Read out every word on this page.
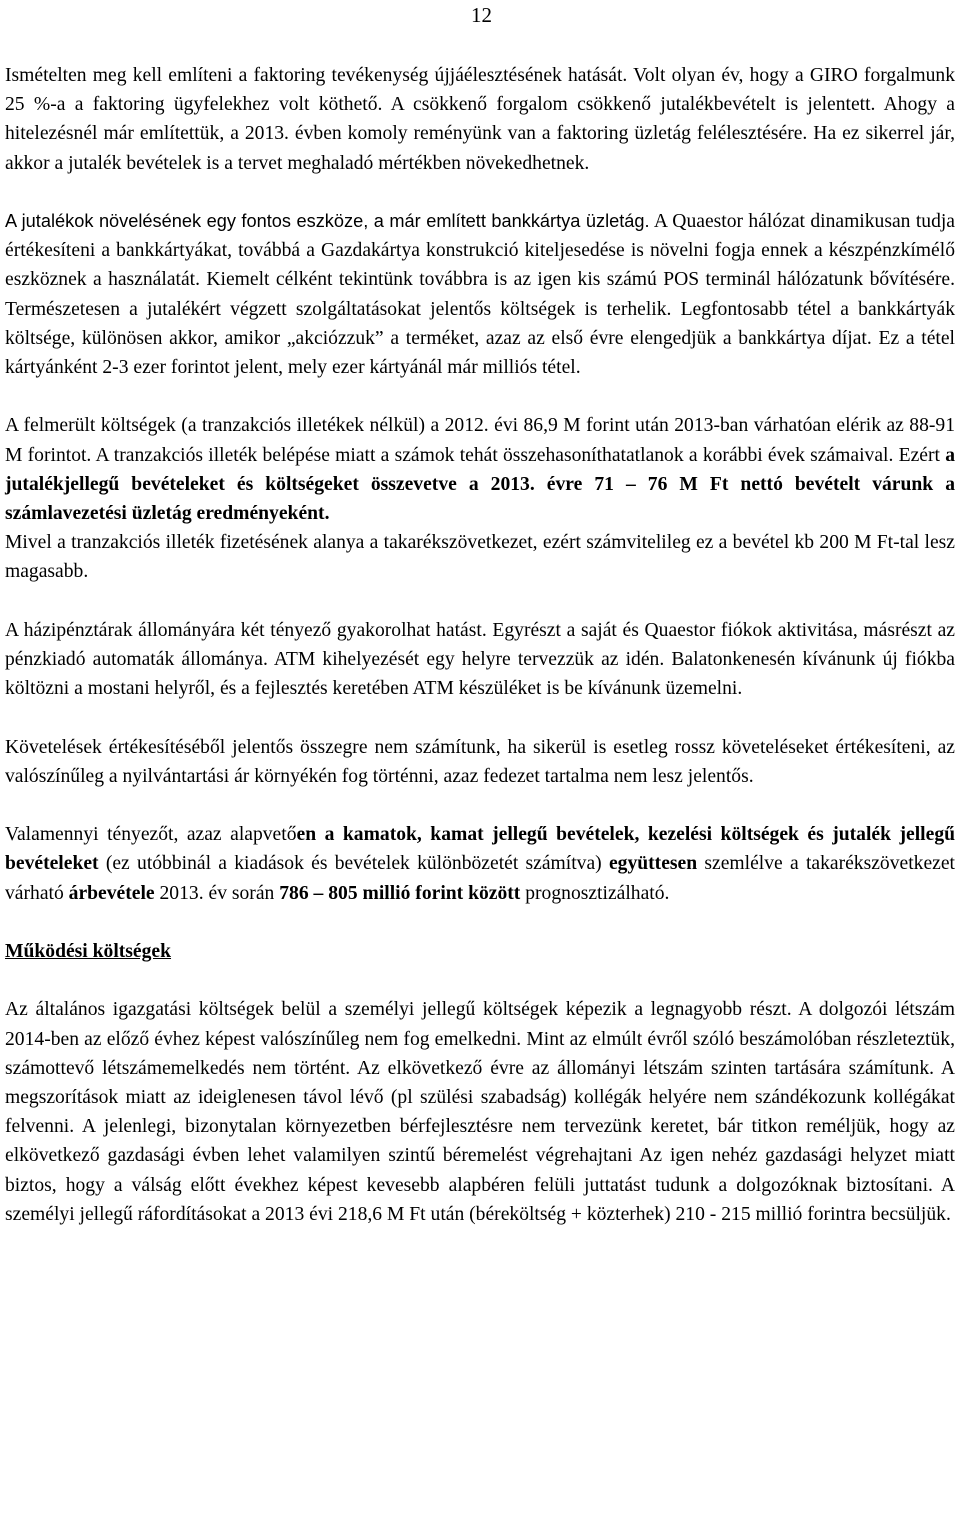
12

Ismételten meg kell említeni a faktoring tevékenység újjáélesztésének hatását. Volt olyan év, hogy a GIRO forgalmunk 25 %-a a faktoring ügyfelekhez volt köthető. A csökkenő forgalom csökkenő jutalékbevételt is jelentett. Ahogy a hitelezésnél már említettük, a 2013. évben komoly reményünk van a faktoring üzletág felélesztésére. Ha ez sikerrel jár, akkor a jutalék bevételek is a tervet meghaladó mértékben növekedhetnek.

A jutalékok növelésének egy fontos eszköze, a már említett bankkártya üzletág. A Quaestor hálózat dinamikusan tudja értékesíteni a bankkártyákat, továbbá a Gazdakártya konstrukció kiteljesedése is növelni fogja ennek a készpénzkímélő eszköznek a használatát. Kiemelt célként tekintünk továbbra is az igen kis számú POS terminál hálózatunk bővítésére. Természetesen a jutalékért végzett szolgáltatásokat jelentős költségek is terhelik. Legfontosabb tétel a bankkártyák költsége, különösen akkor, amikor „akciózzuk” a terméket, azaz az első évre elengedjük a bankkártya díjat. Ez a tétel kártyánként 2-3 ezer forintot jelent, mely ezer kártyánál már milliós tétel.

A felmerült költségek (a tranzakciós illetékek nélkül) a 2012. évi 86,9 M forint után 2013-ban várhatóan elérik az 88-91 M forintot. A tranzakciós illeték belépése miatt a számok tehát összehasoníthatatlanok a korábbi évek számaival. Ezért a jutalékjellegű bevételeket és költségeket összevetve a 2013. évre 71 – 76 M Ft nettó bevételt várunk a számlavezetési üzletág eredményeként.

Mivel a tranzakciós illeték fizetésének alanya a takarékszövetkezet, ezért számvitelileg ez a bevétel kb 200 M Ft-tal lesz magasabb.

A házipénztárak állományára két tényező gyakorolhat hatást. Egyrészt a saját és Quaestor fiókok aktivitása, másrészt az pénzkiadó automaták állománya. ATM kihelyezését egy helyre tervezzük az idén. Balatonkenesén kívánunk új fiókba költözni a mostani helyről, és a fejlesztés keretében ATM készüléket is be kívánunk üzemelni.

Követelések értékesítéséből jelentős összegre nem számítunk, ha sikerül is esetleg rossz követeléseket értékesíteni, az valószínűleg a nyilvántartási ár környékén fog történni, azaz fedezet tartalma nem lesz jelentős.

Valamennyi tényezőt, azaz alapvetően a kamatok, kamat jellegű bevételek, kezelési költségek és jutalék jellegű bevételeket (ez utóbbinál a kiadások és bevételek különbözetét számítva) együttesen szemlélve a takarékszövetkezet várható árbevétele 2013. év során 786 – 805 millió forint között prognosztizálható.

Működési költségek

Az általános igazgatási költségek belül a személyi jellegű költségek képezik a legnagyobb részt. A dolgozói létszám 2014-ben az előző évhez képest valószínűleg nem fog emelkedni. Mint az elmúlt évről szóló beszámolóban részleteztük, számottevő létszámemelkedés nem történt. Az elkövetkező évre az állományi létszám szinten tartására számítunk. A megszorítások miatt az ideiglenesen távol lévő (pl szülési szabadság) kollégák helyére nem szándékozunk kollégákat felvenni. A jelenlegi, bizonytalan környezetben bérfejlesztésre nem tervezünk keretet, bár titkon reméljük, hogy az elkövetkező gazdasági évben lehet valamilyen szintű béremelést végrehajtani Az igen nehéz gazdasági helyzet miatt biztos, hogy a válság előtt évekhez képest kevesebb alapbéren felüli juttatást tudunk a dolgozóknak biztosítani. A személyi jellegű ráfordításokat a 2013 évi 218,6 M Ft után (béreköltség + közterhek) 210 - 215 millió forintra becsüljük.
